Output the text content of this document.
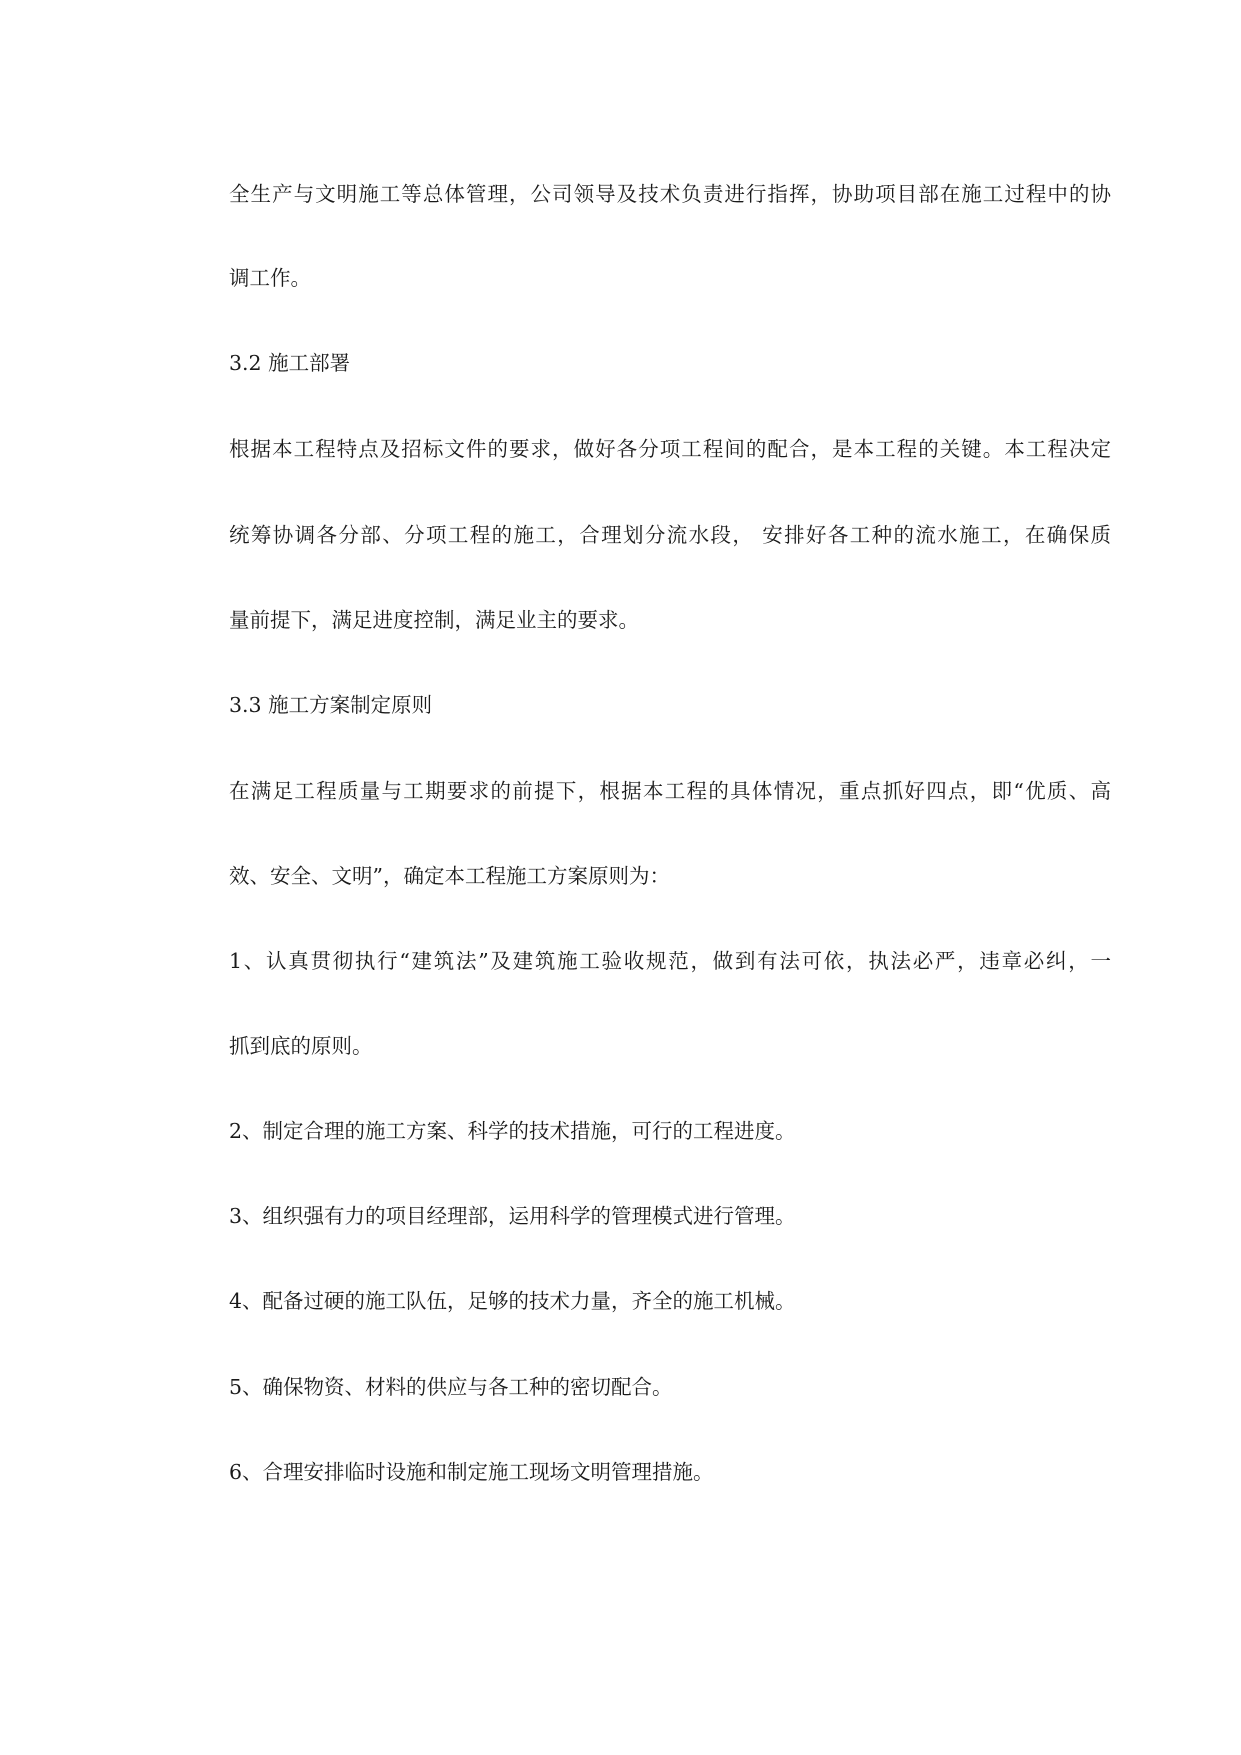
全生产与文明施工等总体管理，公司领导及技术负责进行指挥，协助项目部在施工过程中的协
调工作。
3.2 施工部署
根据本工程特点及招标文件的要求，做好各分项工程间的配合，是本工程的关键。本工程决定
统筹协调各分部、分项工程的施工，合理划分流水段， 安排好各工种的流水施工，在确保质
量前提下，满足进度控制，满足业主的要求。
3.3 施工方案制定原则
在满足工程质量与工期要求的前提下，根据本工程的具体情况，重点抓好四点，即“优质、高
效、安全、文明”，确定本工程施工方案原则为：
1、认真贯彻执行“建筑法”及建筑施工验收规范，做到有法可依，执法必严，违章必纠，一
抓到底的原则。
2、制定合理的施工方案、科学的技术措施，可行的工程进度。
3、组织强有力的项目经理部，运用科学的管理模式进行管理。
4、配备过硬的施工队伍，足够的技术力量，齐全的施工机械。
5、确保物资、材料的供应与各工种的密切配合。
6、合理安排临时设施和制定施工现场文明管理措施。
